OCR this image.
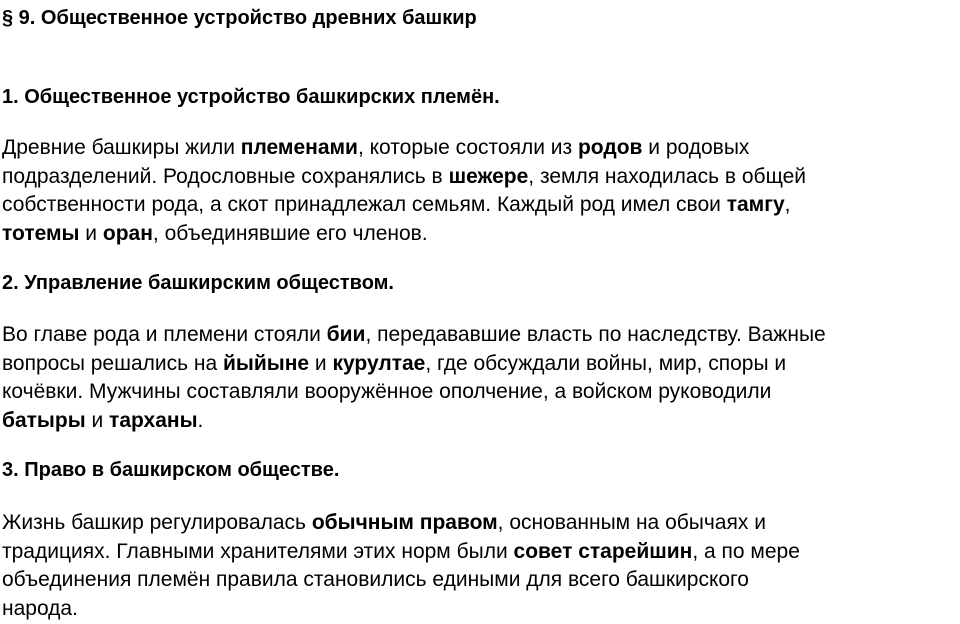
§ 9. Общественное устройство древних башкир
1. Общественное устройство башкирских племён.

Древние башкиры жили племенами, которые состояли из родов и родовых
подразделений. Родословные сохранялись в шежере, земля находилась в общей
собственности рода, а скот принадлежал семьям. Каждый род имел свои тамгу,
тотемы и оран, объединявшие его членов.

2. Управление башкирским обществом.

Во главе рода и племени стояли бии, передававшие власть по наследству. Важные
вопросы решались на йыйыне и курултае, где обсуждали войны, мир, споры и
кочёвки. Мужчины составляли вооружённое ополчение, а войском руководили
батыры и тарханы.

3. Право в башкирском обществе.

Жизнь башкир регулировалась обычным правом, основанным на обычаях и
традициях. Главными хранителями этих норм были совет старейшин, а по мере
объединения племён правила становились едиными для всего башкирского
народа.
